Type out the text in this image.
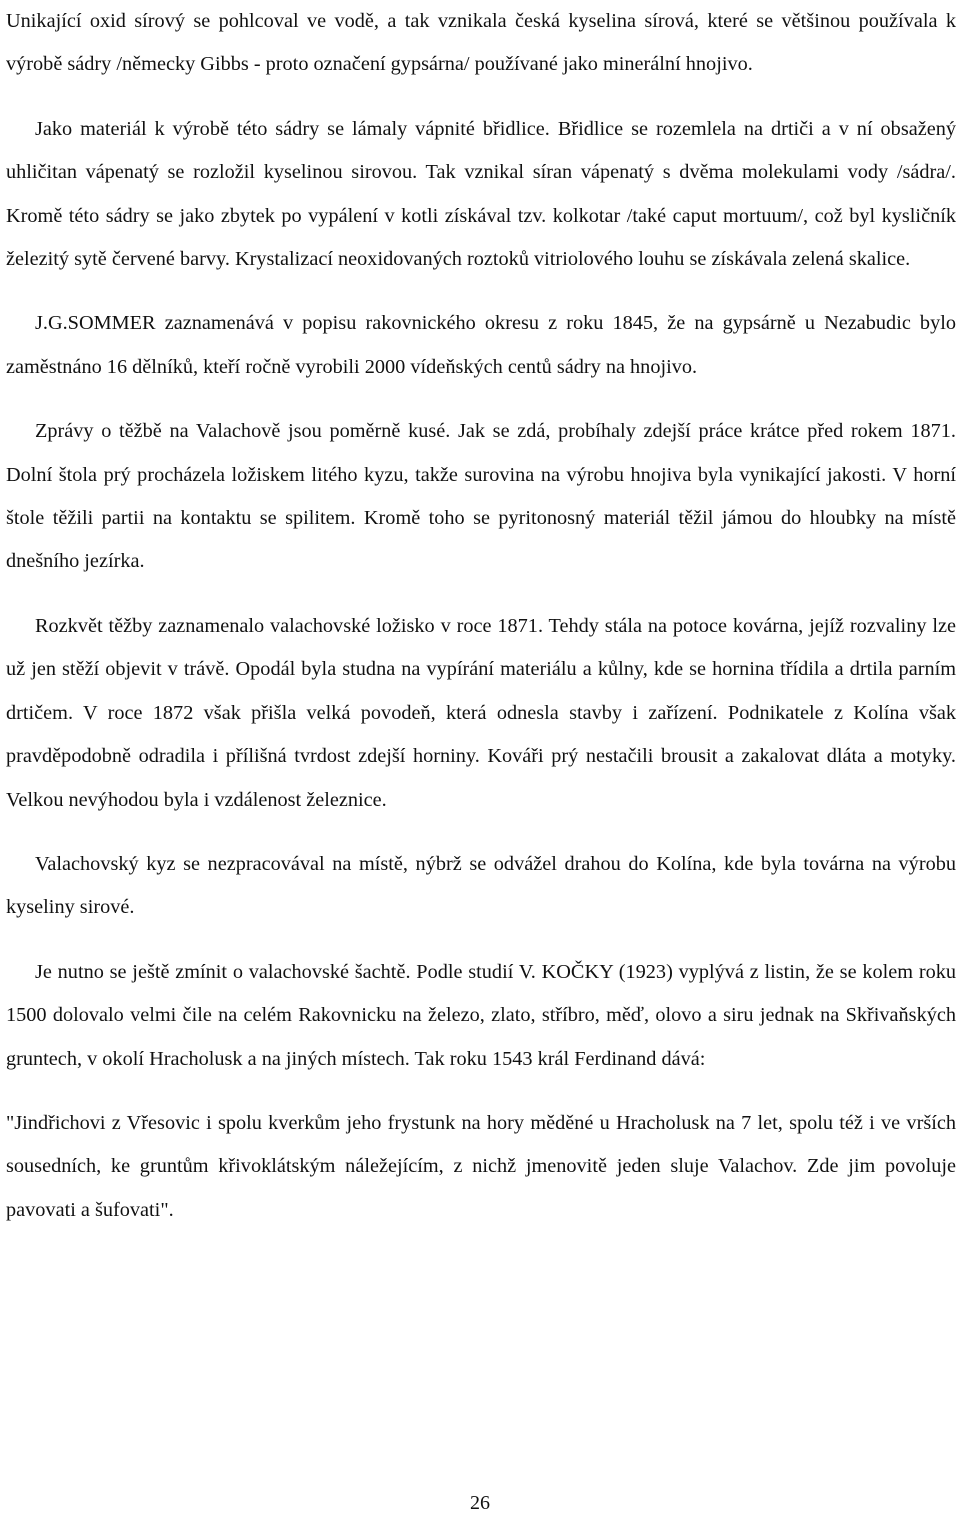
Unikající oxid sírový se pohlcoval ve vodě, a tak vznikala česká kyselina sírová, které se většinou používala k výrobě sádry /německy Gibbs - proto označení gypsárna/ používané jako minerální hnojivo.

Jako materiál k výrobě této sádry se lámaly vápnité břidlice. Břidlice se rozemlela na drtiči a v ní obsažený uhličitan vápenatý se rozložil kyselinou sirovou. Tak vznikal síran vápenatý s dvěma molekulami vody /sádra/. Kromě této sádry se jako zbytek po vypálení v kotli získával tzv. kolkotar /také caput mortuum/, což byl kysličník železitý sytě červené barvy. Krystalizací neoxidovaných roztoků vitriolového louhu se získávala zelená skalice.

J.G.SOMMER zaznamenává v popisu rakovnického okresu z roku 1845, že na gypsárně u Nezabudic bylo zaměstnáno 16 dělníků, kteří ročně vyrobili 2000 vídeňských centů sádry na hnojivo.

Zprávy o těžbě na Valachově jsou poměrně kusé. Jak se zdá, probíhaly zdejší práce krátce před rokem 1871. Dolní štola prý procházela ložiskem litého kyzu, takže surovina na výrobu hnojiva byla vynikající jakosti. V horní štole těžili partii na kontaktu se spilitem. Kromě toho se pyritonosný materiál těžil jámou do hloubky na místě dnešního jezírka.

Rozkvět těžby zaznamenalo valachovské ložisko v roce 1871. Tehdy stála na potoce kovárna, jejíž rozvaliny lze už jen stěží objevit v trávě. Opodál byla studna na vypírání materiálu a kůlny, kde se hornina třídila a drtila parním drtičem. V roce 1872 však přišla velká povodeň, která odnesla stavby i zařízení. Podnikatele z Kolína však pravděpodobně odradila i přílišná tvrdost zdejší horniny. Kováři prý nestačili brousit a zakalovat dláta a motyky. Velkou nevýhodou byla i vzdálenost železnice.

Valachovský kyz se nezpracovával na místě, nýbrž se odvážel drahou do Kolína, kde byla továrna na výrobu kyseliny sirové.

Je nutno se ještě zmínit o valachovské šachtě. Podle studií V. KOČKY (1923) vyplývá z listin, že se kolem roku 1500 dolovalo velmi čile na celém Rakovnicku na železo, zlato, stříbro, měď, olovo a siru jednak na Skřivaňských gruntech, v okolí Hracholusk a na jiných místech. Tak roku 1543 král Ferdinand dává:

"Jindřichovi z Vřesovic i spolu kverkům jeho frystunk na hory měděné u Hracholusk na 7 let, spolu též i ve vrších sousedních, ke gruntům křivoklátským náležejícím, z nichž jmenovitě jeden sluje Valachov. Zde jim povoluje pavovati a šufovati".

26
